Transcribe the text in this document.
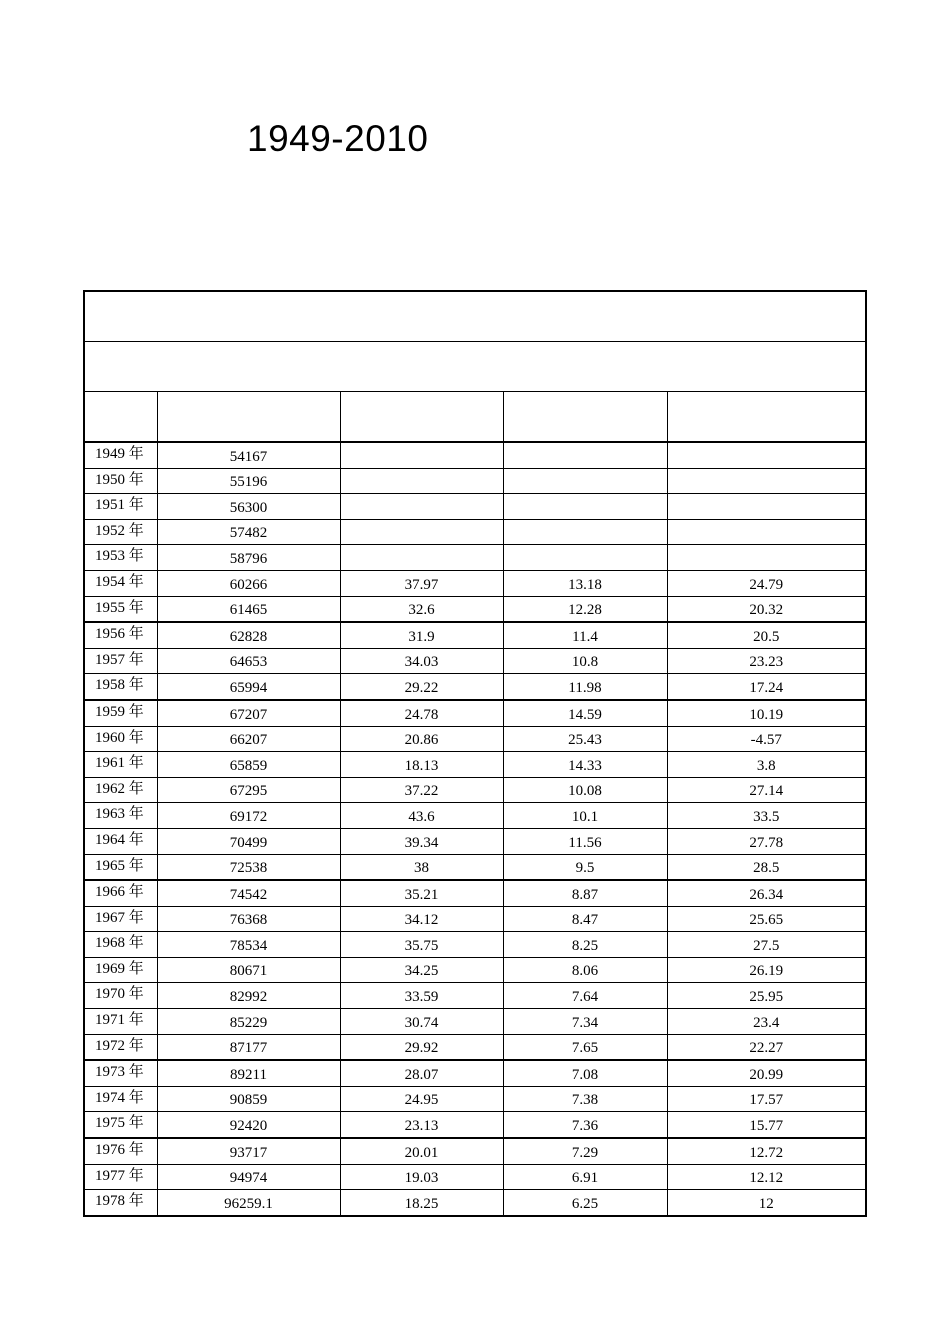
1949-2010

1949 年	54167			
1950 年	55196			
1951 年	56300			
1952 年	57482			
1953 年	58796			
1954 年	60266	37.97	13.18	24.79
1955 年	61465	32.6	12.28	20.32
1956 年	62828	31.9	11.4	20.5
1957 年	64653	34.03	10.8	23.23
1958 年	65994	29.22	11.98	17.24
1959 年	67207	24.78	14.59	10.19
1960 年	66207	20.86	25.43	-4.57
1961 年	65859	18.13	14.33	3.8
1962 年	67295	37.22	10.08	27.14
1963 年	69172	43.6	10.1	33.5
1964 年	70499	39.34	11.56	27.78
1965 年	72538	38	9.5	28.5
1966 年	74542	35.21	8.87	26.34
1967 年	76368	34.12	8.47	25.65
1968 年	78534	35.75	8.25	27.5
1969 年	80671	34.25	8.06	26.19
1970 年	82992	33.59	7.64	25.95
1971 年	85229	30.74	7.34	23.4
1972 年	87177	29.92	7.65	22.27
1973 年	89211	28.07	7.08	20.99
1974 年	90859	24.95	7.38	17.57
1975 年	92420	23.13	7.36	15.77
1976 年	93717	20.01	7.29	12.72
1977 年	94974	19.03	6.91	12.12
1978 年	96259.1	18.25	6.25	12
